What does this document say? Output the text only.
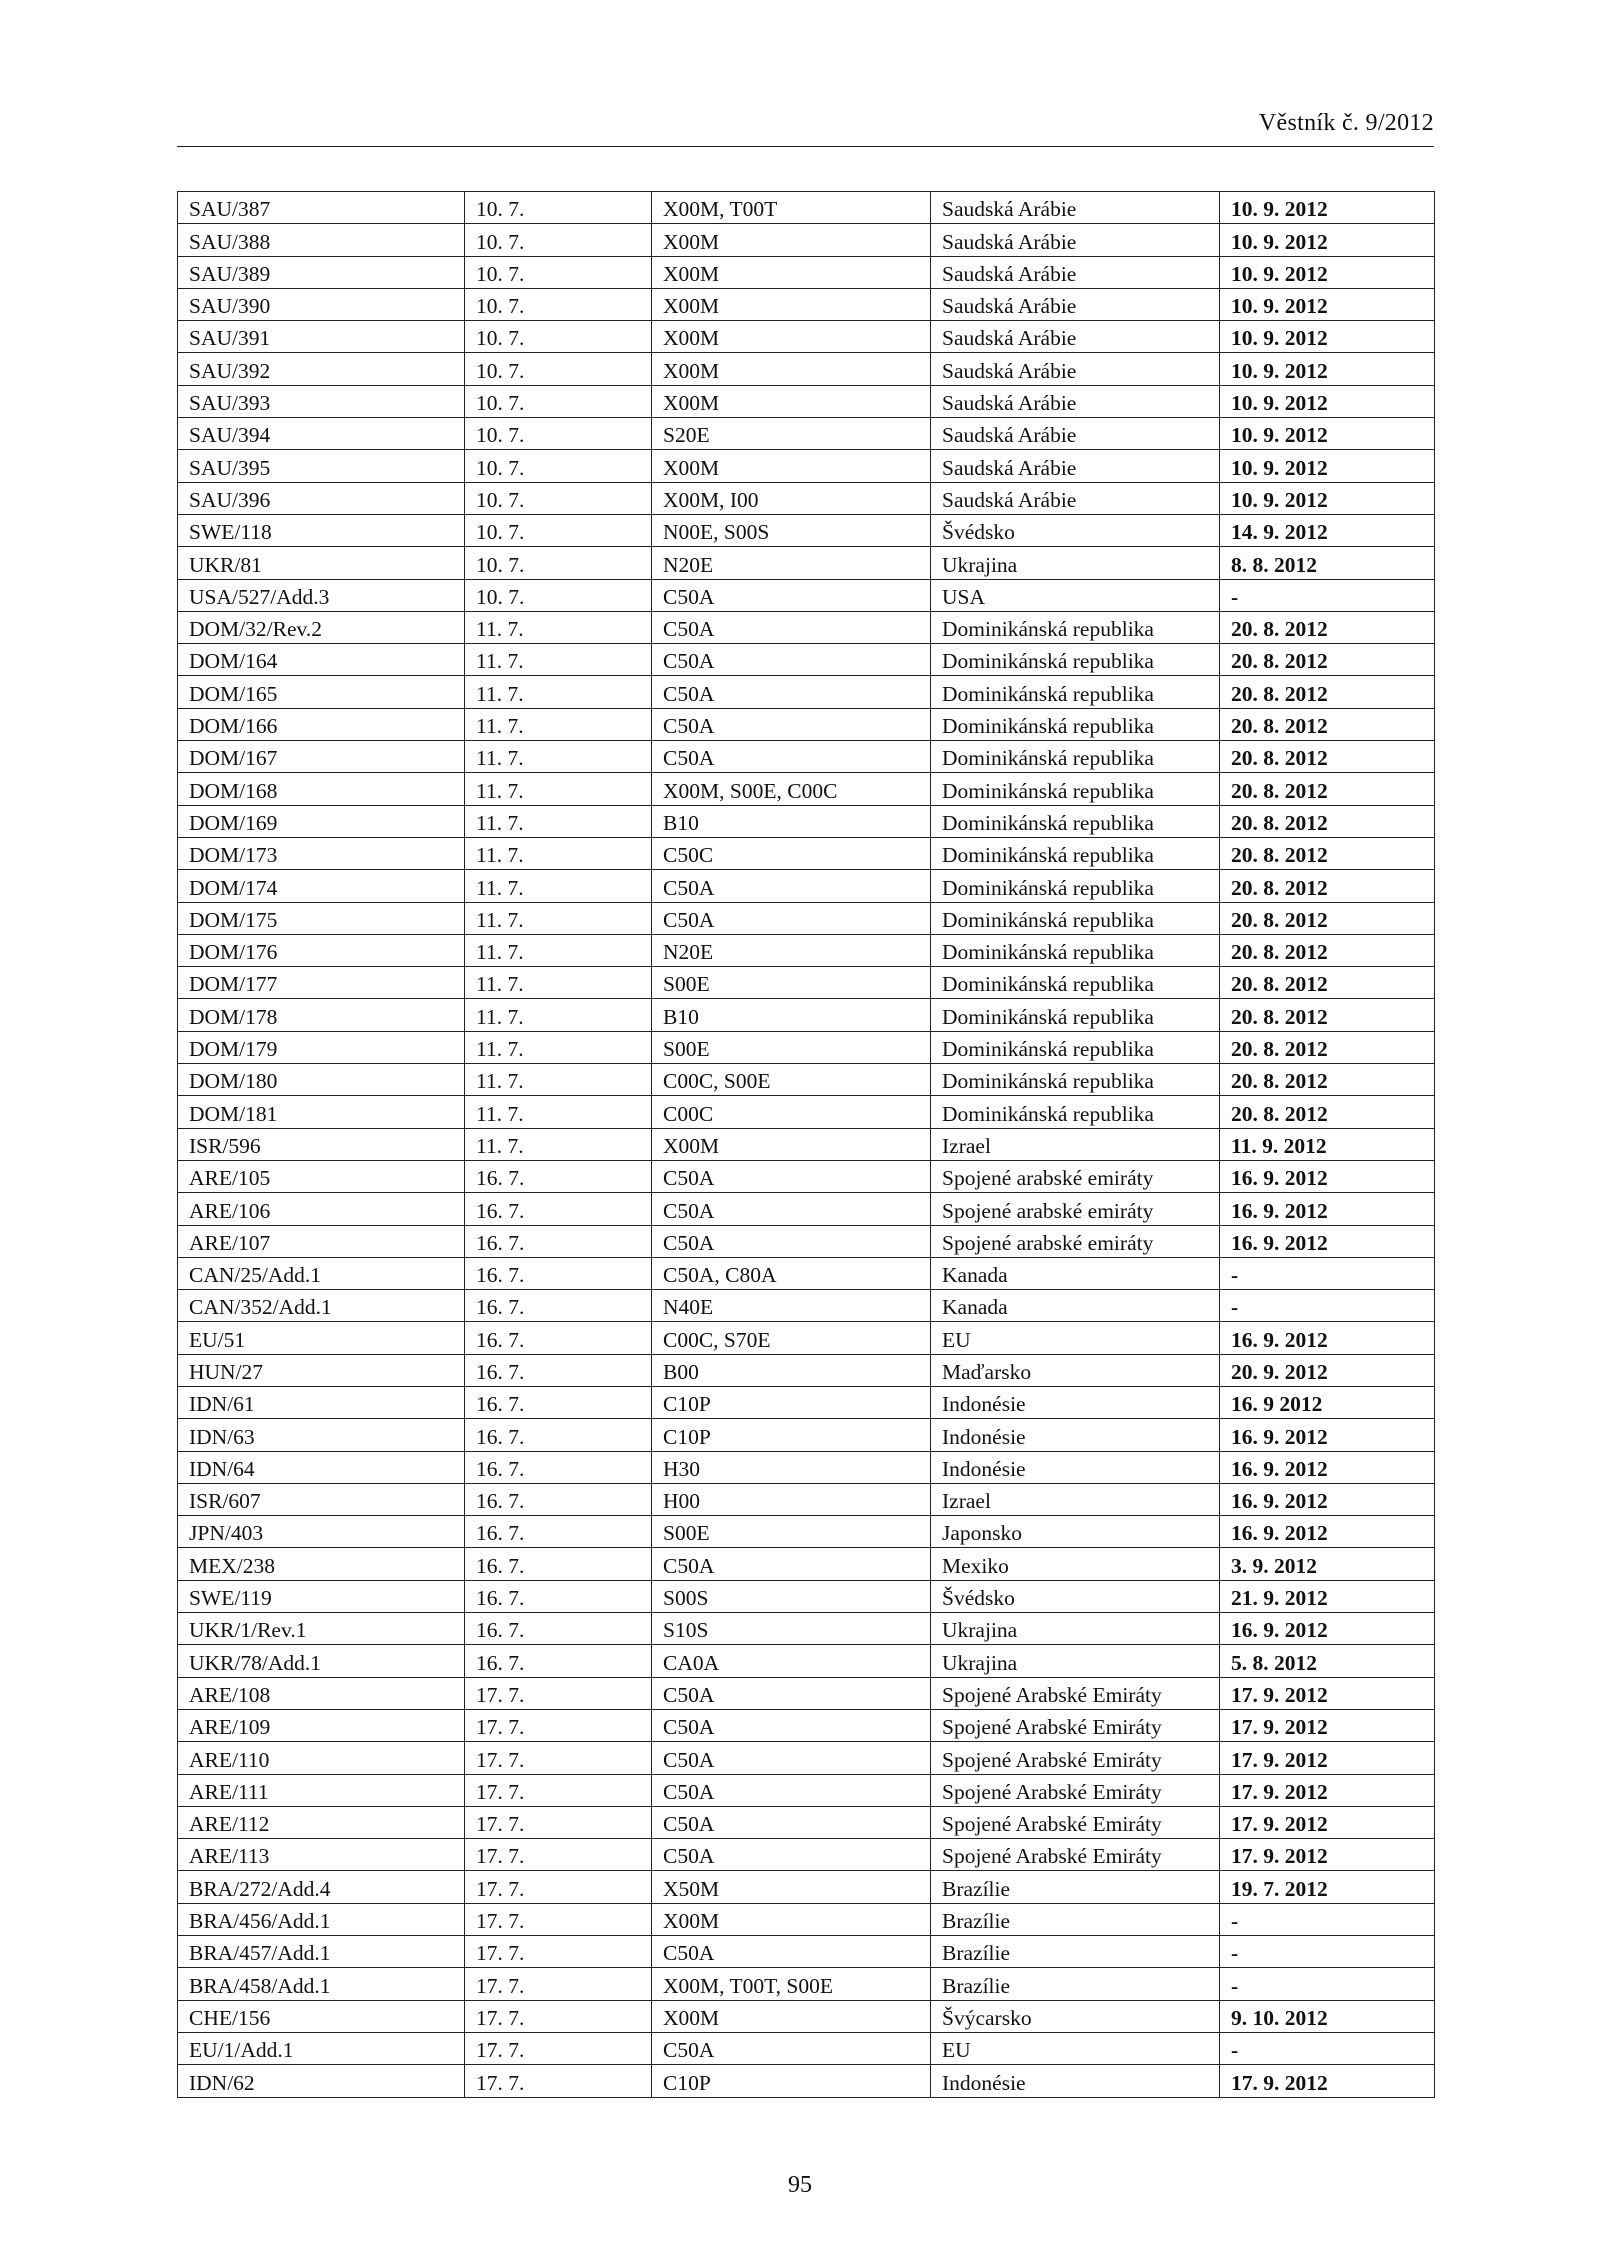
Věstník č. 9/2012
SAU/387	10. 7.	X00M, T00T	Saudská Arábie	10. 9. 2012
SAU/388	10. 7.	X00M	Saudská Arábie	10. 9. 2012
SAU/389	10. 7.	X00M	Saudská Arábie	10. 9. 2012
SAU/390	10. 7.	X00M	Saudská Arábie	10. 9. 2012
SAU/391	10. 7.	X00M	Saudská Arábie	10. 9. 2012
SAU/392	10. 7.	X00M	Saudská Arábie	10. 9. 2012
SAU/393	10. 7.	X00M	Saudská Arábie	10. 9. 2012
SAU/394	10. 7.	S20E	Saudská Arábie	10. 9. 2012
SAU/395	10. 7.	X00M	Saudská Arábie	10. 9. 2012
SAU/396	10. 7.	X00M, I00	Saudská Arábie	10. 9. 2012
SWE/118	10. 7.	N00E, S00S	Švédsko	14. 9. 2012
UKR/81	10. 7.	N20E	Ukrajina	8. 8. 2012
USA/527/Add.3	10. 7.	C50A	USA	-
DOM/32/Rev.2	11. 7.	C50A	Dominikánská republika	20. 8. 2012
DOM/164	11. 7.	C50A	Dominikánská republika	20. 8. 2012
DOM/165	11. 7.	C50A	Dominikánská republika	20. 8. 2012
DOM/166	11. 7.	C50A	Dominikánská republika	20. 8. 2012
DOM/167	11. 7.	C50A	Dominikánská republika	20. 8. 2012
DOM/168	11. 7.	X00M, S00E, C00C	Dominikánská republika	20. 8. 2012
DOM/169	11. 7.	B10	Dominikánská republika	20. 8. 2012
DOM/173	11. 7.	C50C	Dominikánská republika	20. 8. 2012
DOM/174	11. 7.	C50A	Dominikánská republika	20. 8. 2012
DOM/175	11. 7.	C50A	Dominikánská republika	20. 8. 2012
DOM/176	11. 7.	N20E	Dominikánská republika	20. 8. 2012
DOM/177	11. 7.	S00E	Dominikánská republika	20. 8. 2012
DOM/178	11. 7.	B10	Dominikánská republika	20. 8. 2012
DOM/179	11. 7.	S00E	Dominikánská republika	20. 8. 2012
DOM/180	11. 7.	C00C, S00E	Dominikánská republika	20. 8. 2012
DOM/181	11. 7.	C00C	Dominikánská republika	20. 8. 2012
ISR/596	11. 7.	X00M	Izrael	11. 9. 2012
ARE/105	16. 7.	C50A	Spojené arabské emiráty	16. 9. 2012
ARE/106	16. 7.	C50A	Spojené arabské emiráty	16. 9. 2012
ARE/107	16. 7.	C50A	Spojené arabské emiráty	16. 9. 2012
CAN/25/Add.1	16. 7.	C50A, C80A	Kanada	-
CAN/352/Add.1	16. 7.	N40E	Kanada	-
EU/51	16. 7.	C00C, S70E	EU	16. 9. 2012
HUN/27	16. 7.	B00	Maďarsko	20. 9. 2012
IDN/61	16. 7.	C10P	Indonésie	16. 9 2012
IDN/63	16. 7.	C10P	Indonésie	16. 9. 2012
IDN/64	16. 7.	H30	Indonésie	16. 9. 2012
ISR/607	16. 7.	H00	Izrael	16. 9. 2012
JPN/403	16. 7.	S00E	Japonsko	16. 9. 2012
MEX/238	16. 7.	C50A	Mexiko	3. 9. 2012
SWE/119	16. 7.	S00S	Švédsko	21. 9. 2012
UKR/1/Rev.1	16. 7.	S10S	Ukrajina	16. 9. 2012
UKR/78/Add.1	16. 7.	CA0A	Ukrajina	5. 8. 2012
ARE/108	17. 7.	C50A	Spojené Arabské Emiráty	17. 9. 2012
ARE/109	17. 7.	C50A	Spojené Arabské Emiráty	17. 9. 2012
ARE/110	17. 7.	C50A	Spojené Arabské Emiráty	17. 9. 2012
ARE/111	17. 7.	C50A	Spojené Arabské Emiráty	17. 9. 2012
ARE/112	17. 7.	C50A	Spojené Arabské Emiráty	17. 9. 2012
ARE/113	17. 7.	C50A	Spojené Arabské Emiráty	17. 9. 2012
BRA/272/Add.4	17. 7.	X50M	Brazílie	19. 7. 2012
BRA/456/Add.1	17. 7.	X00M	Brazílie	-
BRA/457/Add.1	17. 7.	C50A	Brazílie	-
BRA/458/Add.1	17. 7.	X00M, T00T, S00E	Brazílie	-
CHE/156	17. 7.	X00M	Švýcarsko	9. 10. 2012
EU/1/Add.1	17. 7.	C50A	EU	-
IDN/62	17. 7.	C10P	Indonésie	17. 9. 2012
95
